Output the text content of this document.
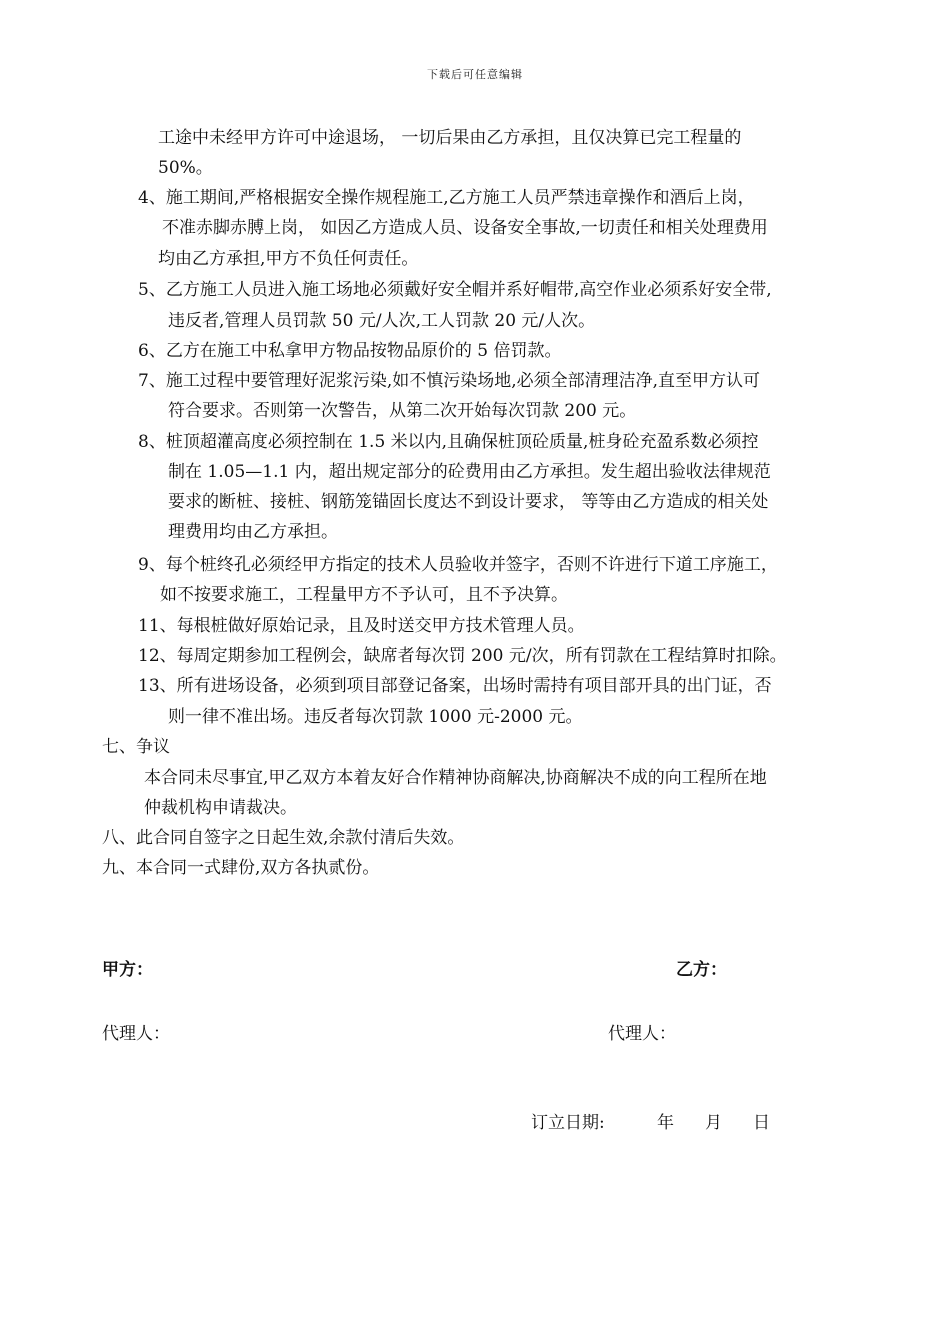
下载后可任意编辑
工途中未经甲方许可中途退场， 一切后果由乙方承担，且仅决算已完工程量的
50%。
4、施工期间,严格根据安全操作规程施工,乙方施工人员严禁违章操作和酒后上岗，
不准赤脚赤膊上岗， 如因乙方造成人员、设备安全事故,一切责任和相关处理费用
均由乙方承担,甲方不负任何责任。
5、乙方施工人员进入施工场地必须戴好安全帽并系好帽带,高空作业必须系好安全带,
违反者,管理人员罚款 50 元/人次,工人罚款 20 元/人次。
6、乙方在施工中私拿甲方物品按物品原价的 5 倍罚款。
7、施工过程中要管理好泥浆污染,如不慎污染场地,必须全部清理洁净,直至甲方认可
符合要求。否则第一次警告，从第二次开始每次罚款 200 元。
8、桩顶超灌高度必须控制在 1.5 米以内,且确保桩顶砼质量,桩身砼充盈系数必须控
制在 1.05—1.1 内，超出规定部分的砼费用由乙方承担。发生超出验收法律规范
要求的断桩、接桩、钢筋笼锚固长度达不到设计要求， 等等由乙方造成的相关处
理费用均由乙方承担。
9、每个桩终孔必须经甲方指定的技术人员验收并签字，否则不许进行下道工序施工，
如不按要求施工，工程量甲方不予认可，且不予决算。
11、每根桩做好原始记录，且及时送交甲方技术管理人员。
12、每周定期参加工程例会，缺席者每次罚 200 元/次，所有罚款在工程结算时扣除。
13、所有进场设备，必须到项目部登记备案，出场时需持有项目部开具的出门证，否
则一律不准出场。违反者每次罚款 1000 元-2000 元。
七、争议
本合同未尽事宜,甲乙双方本着友好合作精神协商解决,协商解决不成的向工程所在地
仲裁机构申请裁决。
八、此合同自签字之日起生效,余款付清后失效。
九、本合同一式肆份,双方各执贰份。
甲方：	乙方：
代理人：	代理人：
订立日期:	年 月 日
